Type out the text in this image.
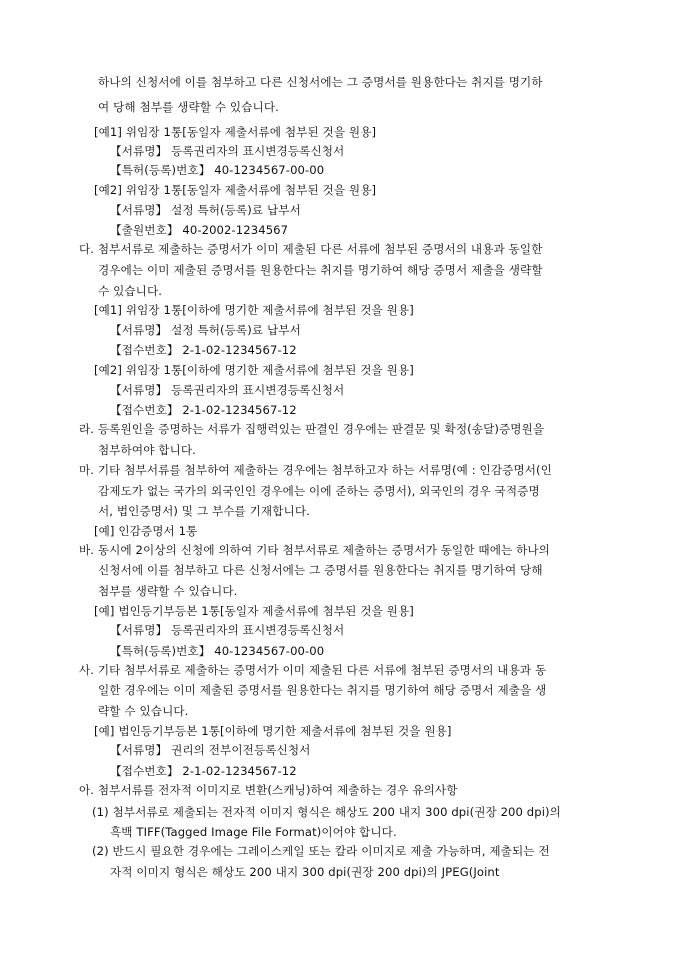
하나의 신청서에 이를 첨부하고 다른 신청서에는 그 증명서를 원용한다는 취지를 명기하
여 당해 첨부를 생략할 수 있습니다.
[예1] 위임장 1통[동일자 제출서류에 첨부된 것을 원용]
【서류명】 등록권리자의 표시변경등록신청서
【특허(등록)번호】 40-1234567-00-00
[예2] 위임장 1통[동일자 제출서류에 첨부된 것을 원용]
【서류명】 설정 특허(등록)료 납부서
【출원번호】 40-2002-1234567
다. 첨부서류로 제출하는 증명서가 이미 제출된 다른 서류에 첨부된 증명서의 내용과 동일한
경우에는 이미 제출된 증명서를 원용한다는 취지를 명기하여 해당 증명서 제출을 생략할
수 있습니다.
[예1] 위임장 1통[이하에 명기한 제출서류에 첨부된 것을 원용]
【서류명】 설정 특허(등록)료 납부서
【접수번호】 2-1-02-1234567-12
[예2] 위임장 1통[이하에 명기한 제출서류에 첨부된 것을 원용]
【서류명】 등록권리자의 표시변경등록신청서
【접수번호】 2-1-02-1234567-12
라. 등록원인을 증명하는 서류가 집행력있는 판결인 경우에는 판결문 및 확정(송달)증명원을
첨부하여야 합니다.
마. 기타 첨부서류를 첨부하여 제출하는 경우에는 첨부하고자 하는 서류명(예 : 인감증명서(인
감제도가 없는 국가의 외국인인 경우에는 이에 준하는 증명서), 외국인의 경우 국적증명
서, 법인증명서) 및 그 부수를 기재합니다.
[예] 인감증명서 1통
바. 동시에 2이상의 신청에 의하여 기타 첨부서류로 제출하는 증명서가 동일한 때에는 하나의
신청서에 이를 첨부하고 다른 신청서에는 그 증명서를 원용한다는 취지를 명기하여 당해
첨부를 생략할 수 있습니다.
[예] 법인등기부등본 1통[동일자 제출서류에 첨부된 것을 원용]
【서류명】 등록권리자의 표시변경등록신청서
【특허(등록)번호】 40-1234567-00-00
사. 기타 첨부서류로 제출하는 증명서가 이미 제출된 다른 서류에 첨부된 증명서의 내용과 동
일한 경우에는 이미 제출된 증명서를 원용한다는 취지를 명기하여 해당 증명서 제출을 생
략할 수 있습니다.
[예] 법인등기부등본 1통[이하에 명기한 제출서류에 첨부된 것을 원용]
【서류명】 권리의 전부이전등록신청서
【접수번호】 2-1-02-1234567-12
아. 첨부서류를 전자적 이미지로 변환(스캐닝)하여 제출하는 경우 유의사항
(1) 첨부서류로 제출되는 전자적 이미지 형식은 해상도 200 내지 300 dpi(권장 200 dpi)의
흑백 TIFF(Tagged Image File Format)이어야 합니다.
(2) 반드시 필요한 경우에는 그레이스케일 또는 칼라 이미지로 제출 가능하며, 제출되는 전
자적 이미지 형식은 해상도 200 내지 300 dpi(권장 200 dpi)의 JPEG(Joint
